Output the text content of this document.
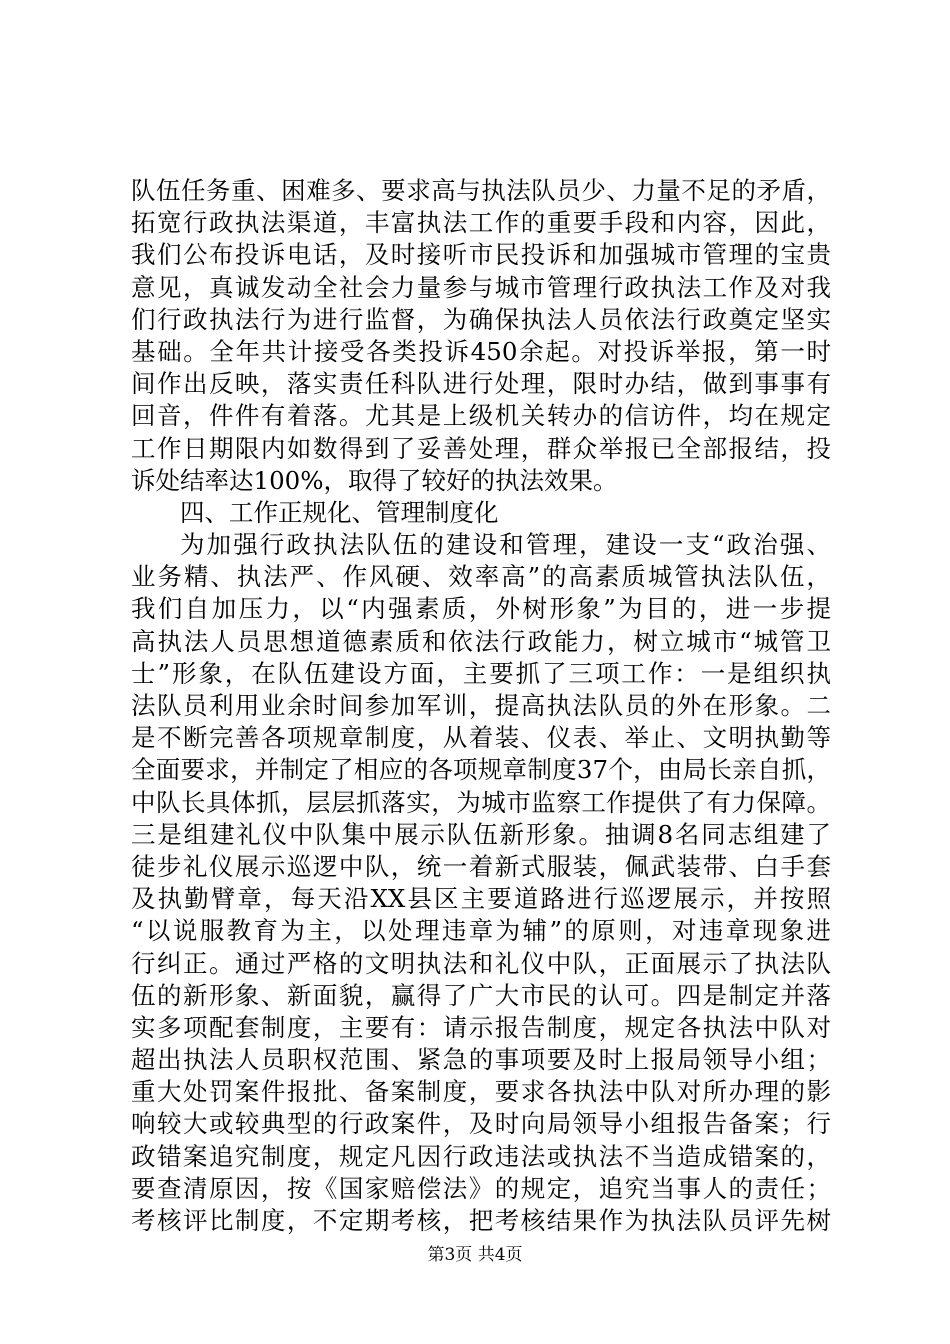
队伍任务重、困难多、要求高与执法队员少、力量不足的矛盾，
拓宽行政执法渠道，丰富执法工作的重要手段和内容，因此，
我们公布投诉电话，及时接听市民投诉和加强城市管理的宝贵
意见，真诚发动全社会力量参与城市管理行政执法工作及对我
们行政执法行为进行监督，为确保执法人员依法行政奠定坚实
基础。全年共计接受各类投诉450余起。对投诉举报，第一时
间作出反映，落实责任科队进行处理，限时办结，做到事事有
回音，件件有着落。尤其是上级机关转办的信访件，均在规定
工作日期限内如数得到了妥善处理，群众举报已全部报结，投
诉处结率达100%，取得了较好的执法效果。
四、工作正规化、管理制度化
为加强行政执法队伍的建设和管理，建设一支“政治强、
业务精、执法严、作风硬、效率高”的高素质城管执法队伍，
我们自加压力，以“内强素质，外树形象”为目的，进一步提
高执法人员思想道德素质和依法行政能力，树立城市“城管卫
士”形象，在队伍建设方面，主要抓了三项工作：一是组织执
法队员利用业余时间参加军训，提高执法队员的外在形象。二
是不断完善各项规章制度，从着装、仪表、举止、文明执勤等
全面要求，并制定了相应的各项规章制度37个，由局长亲自抓，
中队长具体抓，层层抓落实，为城市监察工作提供了有力保障。
三是组建礼仪中队集中展示队伍新形象。抽调8名同志组建了
徒步礼仪展示巡逻中队，统一着新式服装，佩武装带、白手套
及执勤臂章，每天沿XX县区主要道路进行巡逻展示，并按照
“以说服教育为主，以处理违章为辅”的原则，对违章现象进
行纠正。通过严格的文明执法和礼仪中队，正面展示了执法队
伍的新形象、新面貌，赢得了广大市民的认可。四是制定并落
实多项配套制度，主要有：请示报告制度，规定各执法中队对
超出执法人员职权范围、紧急的事项要及时上报局领导小组；
重大处罚案件报批、备案制度，要求各执法中队对所办理的影
响较大或较典型的行政案件，及时向局领导小组报告备案；行
政错案追究制度，规定凡因行政违法或执法不当造成错案的，
要查清原因，按《国家赔偿法》的规定，追究当事人的责任；
考核评比制度，不定期考核，把考核结果作为执法队员评先树
第3页 共4页
